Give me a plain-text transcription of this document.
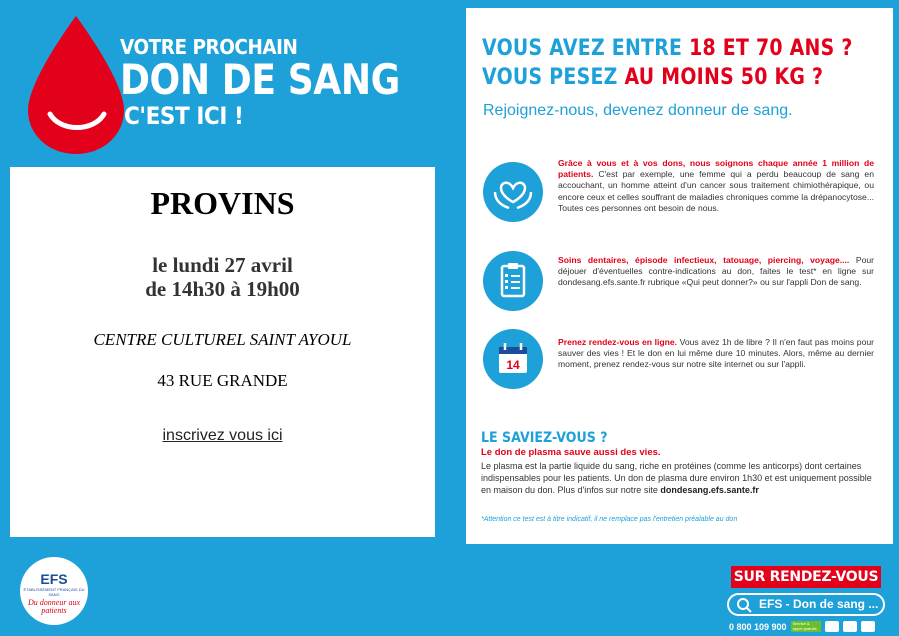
VOTRE PROCHAIN
DON DE SANG
C'EST ICI !
PROVINS
le lundi 27 avril
de 14h30 à 19h00
CENTRE CULTUREL SAINT AYOUL
43 RUE GRANDE
inscrivez vous ici
VOUS AVEZ ENTRE 18 ET 70 ANS ?
VOUS PESEZ AU MOINS 50 KG ?
Rejoignez-nous, devenez donneur de sang.
Grâce à vous et à vos dons, nous soignons chaque année 1 million de patients. C'est par exemple, une femme qui a perdu beaucoup de sang en accouchant, un homme atteint d'un cancer sous traitement chimiothérapique, ou encore ceux et celles souffrant de maladies chroniques comme la drépanocytose... Toutes ces personnes ont besoin de nous.
Soins dentaires, épisode infectieux, tatouage, piercing, voyage.... Pour déjouer d'éventuelles contre-indications au don, faites le test* en ligne sur dondesang.efs.sante.fr rubrique «Qui peut donner?» ou sur l'appli Don de sang.
14
Prenez rendez-vous en ligne. Vous avez 1h de libre ? Il n'en faut pas moins pour sauver des vies ! Et le don en lui même dure 10 minutes. Alors, même au dernier moment, prenez rendez-vous sur notre site internet ou sur l'appli.
LE SAVIEZ-VOUS ?
Le don de plasma sauve aussi des vies.
Le plasma est la partie liquide du sang, riche en protéines (comme les anticorps) dont certaines indispensables pour les patients. Un don de plasma dure environ 1h30 et est uniquement possible en maison du don. Plus d'infos sur notre site dondesang.efs.sante.fr
*Attention ce test est à titre indicatif, il ne remplace pas l'entretien préalable au don
EFS
ÉTABLISSEMENT FRANÇAIS DU SANG
Du donneur aux patients
SUR RENDEZ-VOUS
EFS - Don de sang ...
0 800 109 900	Service & appel gratuits
